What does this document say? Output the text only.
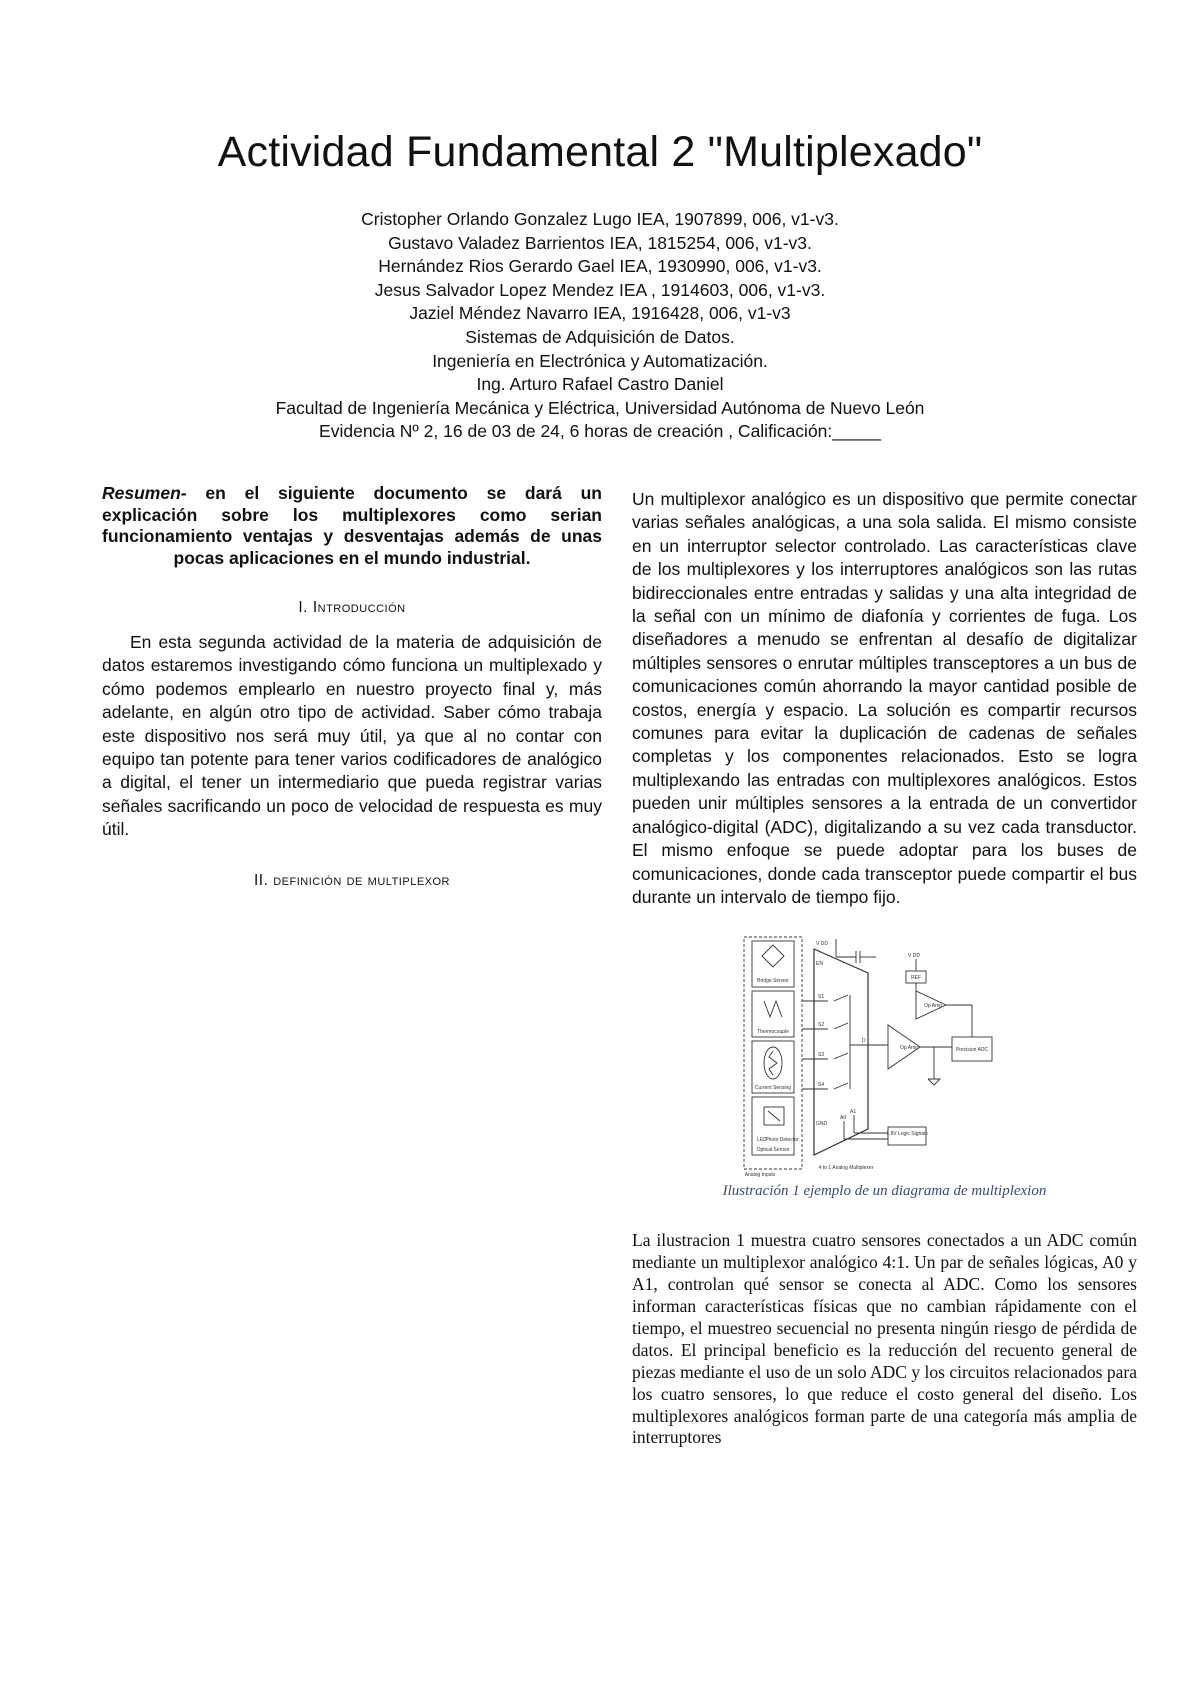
Actividad Fundamental 2 "Multiplexado"
Cristopher Orlando Gonzalez Lugo IEA, 1907899, 006, v1-v3.
Gustavo Valadez Barrientos IEA, 1815254, 006, v1-v3.
Hernández Rios Gerardo Gael IEA, 1930990, 006, v1-v3.
Jesus Salvador Lopez Mendez IEA , 1914603, 006, v1-v3.
Jaziel Méndez Navarro IEA, 1916428, 006, v1-v3
Sistemas de Adquisición de Datos.
Ingeniería en Electrónica y Automatización.
Ing. Arturo Rafael Castro Daniel
Facultad de Ingeniería Mecánica y Eléctrica, Universidad Autónoma de Nuevo León
Evidencia Nº 2, 16 de 03 de 24, 6 horas de creación , Calificación:_____

Resumen- en el siguiente documento se dará un explicación sobre los multiplexores como serian funcionamiento ventajas y desventajas además de unas pocas aplicaciones en el mundo industrial.

I. Introducción

En esta segunda actividad de la materia de adquisición de datos estaremos investigando cómo funciona un multiplexado y cómo podemos emplearlo en nuestro proyecto final y, más adelante, en algún otro tipo de actividad. Saber cómo trabaja este dispositivo nos será muy útil, ya que al no contar con equipo tan potente para tener varios codificadores de analógico a digital, el tener un intermediario que pueda registrar varias señales sacrificando un poco de velocidad de respuesta es muy útil.

II. definición de multiplexor

Un multiplexor analógico es un dispositivo que permite conectar varias señales analógicas, a una sola salida. El mismo consiste en un interruptor selector controlado. Las características clave de los multiplexores y los interruptores analógicos son las rutas bidireccionales entre entradas y salidas y una alta integridad de la señal con un mínimo de diafonía y corrientes de fuga. Los diseñadores a menudo se enfrentan al desafío de digitalizar múltiples sensores o enrutar múltiples transceptores a un bus de comunicaciones común ahorrando la mayor cantidad posible de costos, energía y espacio. La solución es compartir recursos comunes para evitar la duplicación de cadenas de señales completas y los componentes relacionados. Esto se logra multiplexando las entradas con multiplexores analógicos. Estos pueden unir múltiples sensores a la entrada de un convertidor analógico-digital (ADC), digitalizando a su vez cada transductor. El mismo enfoque se puede adoptar para los buses de comunicaciones, donde cada transceptor puede compartir el bus durante un intervalo de tiempo fijo.

Bridge Sensor
Thermocouple
Current Sensing
LED
Photo Detector
Optical Sensor
Analog Inputs
V DD
EN
S1
S2
S3
S4
D
GND
A0
A1
1.8V Logic Signals
4 to 1 Analog Multiplexer
Op Amp
V DD
REF
Op Amp
Precision ADC
Ilustración 1 ejemplo de un diagrama de multiplexion

La ilustracion 1 muestra cuatro sensores conectados a un ADC común mediante un multiplexor analógico 4:1. Un par de señales lógicas, A0 y A1, controlan qué sensor se conecta al ADC. Como los sensores informan características físicas que no cambian rápidamente con el tiempo, el muestreo secuencial no presenta ningún riesgo de pérdida de datos. El principal beneficio es la reducción del recuento general de piezas mediante el uso de un solo ADC y los circuitos relacionados para los cuatro sensores, lo que reduce el costo general del diseño. Los multiplexores analógicos forman parte de una categoría más amplia de interruptores
